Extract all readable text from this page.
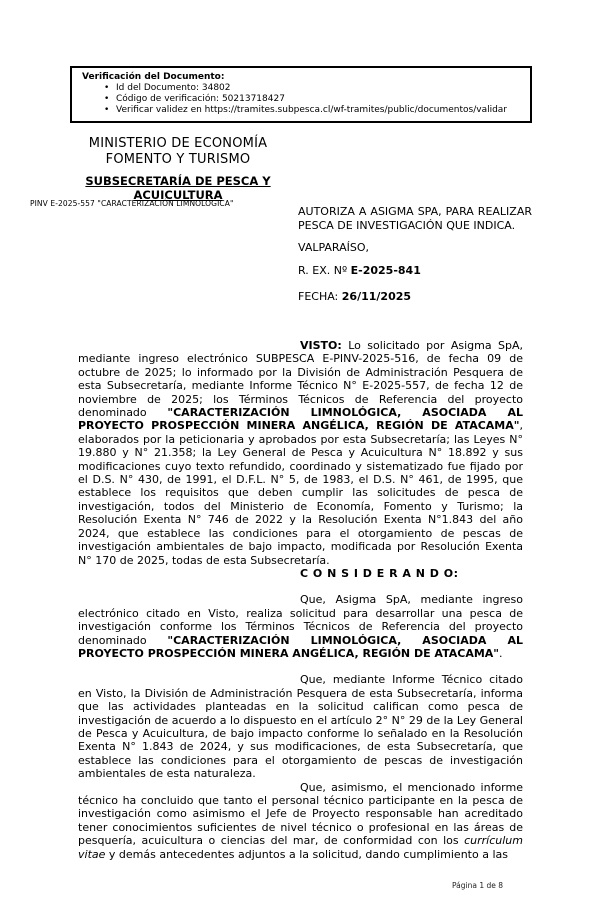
Verificación del Documento:
• Id del Documento: 34802
• Código de verificación: 50213718427
• Verificar validez en https://tramites.subpesca.cl/wf-tramites/public/documentos/validar
MINISTERIO DE ECONOMÍA
FOMENTO Y TURISMO
SUBSECRETARÍA DE PESCA Y ACUICULTURA
PINV E-2025-557 "CARACTERIZACIÓN LIMNOLÓGICA"

AUTORIZA A ASIGMA SPA, PARA REALIZAR PESCA DE INVESTIGACIÓN QUE INDICA.

VALPARAÍSO,

R. EX. Nº E-2025-841

FECHA: 26/11/2025

VISTO: Lo solicitado por Asigma SpA, mediante ingreso electrónico SUBPESCA E-PINV-2025-516, de fecha 09 de octubre de 2025; lo informado por la División de Administración Pesquera de esta Subsecretaría, mediante Informe Técnico N° E-2025-557, de fecha 12 de noviembre de 2025; los Términos Técnicos de Referencia del proyecto denominado "CARACTERIZACIÓN LIMNOLÓGICA, ASOCIADA AL PROYECTO PROSPECCIÓN MINERA ANGÉLICA, REGIÓN DE ATACAMA", elaborados por la peticionaria y aprobados por esta Subsecretaría; las Leyes N° 19.880 y N° 21.358; la Ley General de Pesca y Acuicultura N° 18.892 y sus modificaciones cuyo texto refundido, coordinado y sistematizado fue fijado por el D.S. N° 430, de 1991, el D.F.L. N° 5, de 1983, el D.S. N° 461, de 1995, que establece los requisitos que deben cumplir las solicitudes de pesca de investigación, todos del Ministerio de Economía, Fomento y Turismo; la Resolución Exenta N° 746 de 2022 y la Resolución Exenta N°1.843 del año 2024, que establece las condiciones para el otorgamiento de pescas de investigación ambientales de bajo impacto, modificada por Resolución Exenta N° 170 de 2025, todas de esta Subsecretaría.

C O N S I D E R A N D O:

Que, Asigma SpA, mediante ingreso electrónico citado en Visto, realiza solicitud para desarrollar una pesca de investigación conforme los Términos Técnicos de Referencia del proyecto denominado "CARACTERIZACIÓN LIMNOLÓGICA, ASOCIADA AL PROYECTO PROSPECCIÓN MINERA ANGÉLICA, REGIÓN DE ATACAMA".

Que, mediante Informe Técnico citado en Visto, la División de Administración Pesquera de esta Subsecretaría, informa que las actividades planteadas en la solicitud califican como pesca de investigación de acuerdo a lo dispuesto en el artículo 2° N° 29 de la Ley General de Pesca y Acuicultura, de bajo impacto conforme lo señalado en la Resolución Exenta N° 1.843 de 2024, y sus modificaciones, de esta Subsecretaría, que establece las condiciones para el otorgamiento de pescas de investigación ambientales de esta naturaleza.

Que, asimismo, el mencionado informe técnico ha concluido que tanto el personal técnico participante en la pesca de investigación como asimismo el Jefe de Proyecto responsable han acreditado tener conocimientos suficientes de nivel técnico o profesional en las áreas de pesquería, acuicultura o ciencias del mar, de conformidad con los currículum vitae y demás antecedentes adjuntos a la solicitud, dando cumplimiento a las

Página 1 de 8
